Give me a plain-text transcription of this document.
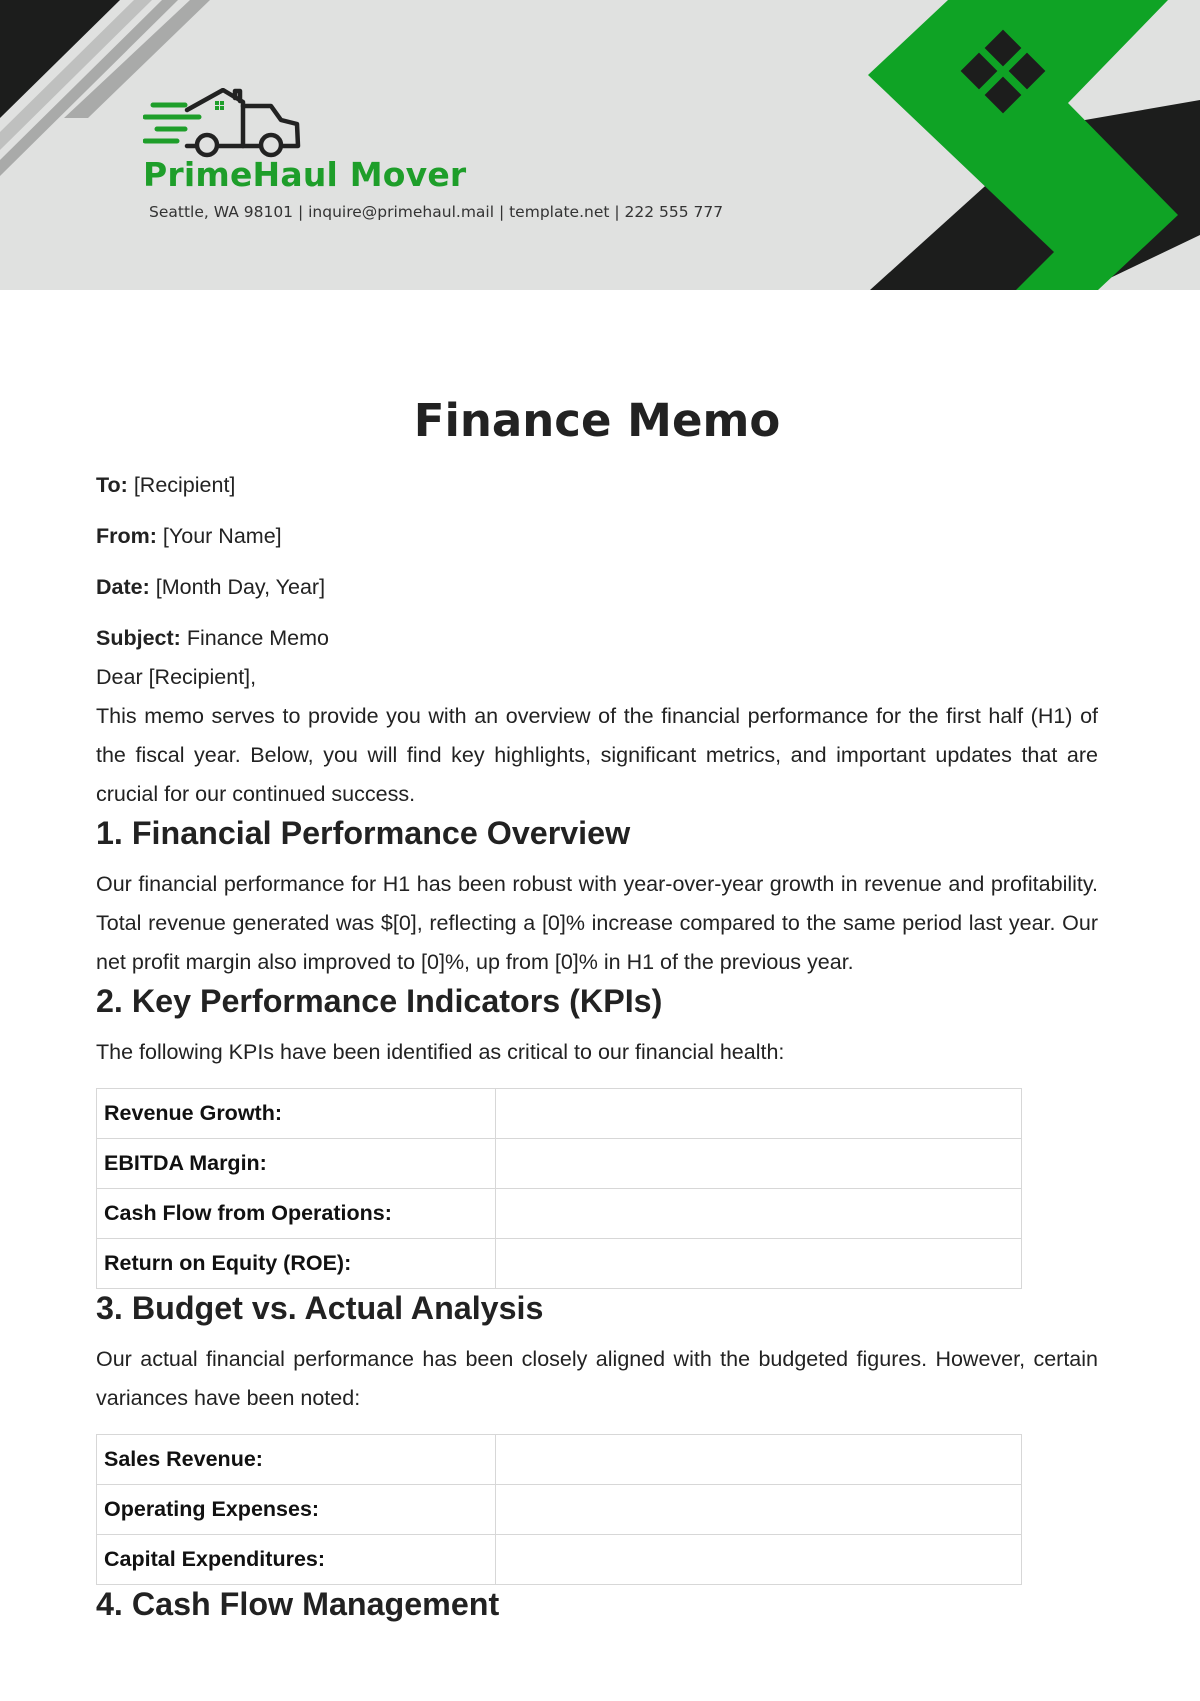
PrimeHaul Mover
Seattle, WA 98101 | inquire@primehaul.mail | template.net | 222 555 777
Finance Memo
To: [Recipient]
From: [Your Name]
Date: [Month Day, Year]
Subject: Finance Memo

Dear [Recipient],

This memo serves to provide you with an overview of the financial performance for the first half (H1) of the fiscal year. Below, you will find key highlights, significant metrics, and important updates that are crucial for our continued success.

1. Financial Performance Overview

Our financial performance for H1 has been robust with year-over-year growth in revenue and profitability. Total revenue generated was $[0], reflecting a [0]% increase compared to the same period last year. Our net profit margin also improved to [0]%, up from [0]% in H1 of the previous year.

2. Key Performance Indicators (KPIs)

The following KPIs have been identified as critical to our financial health:

Revenue Growth:	
EBITDA Margin:	
Cash Flow from Operations:	
Return on Equity (ROE):	
3. Budget vs. Actual Analysis

Our actual financial performance has been closely aligned with the budgeted figures. However, certain variances have been noted:

Sales Revenue:	
Operating Expenses:	
Capital Expenditures:	
4. Cash Flow Management
